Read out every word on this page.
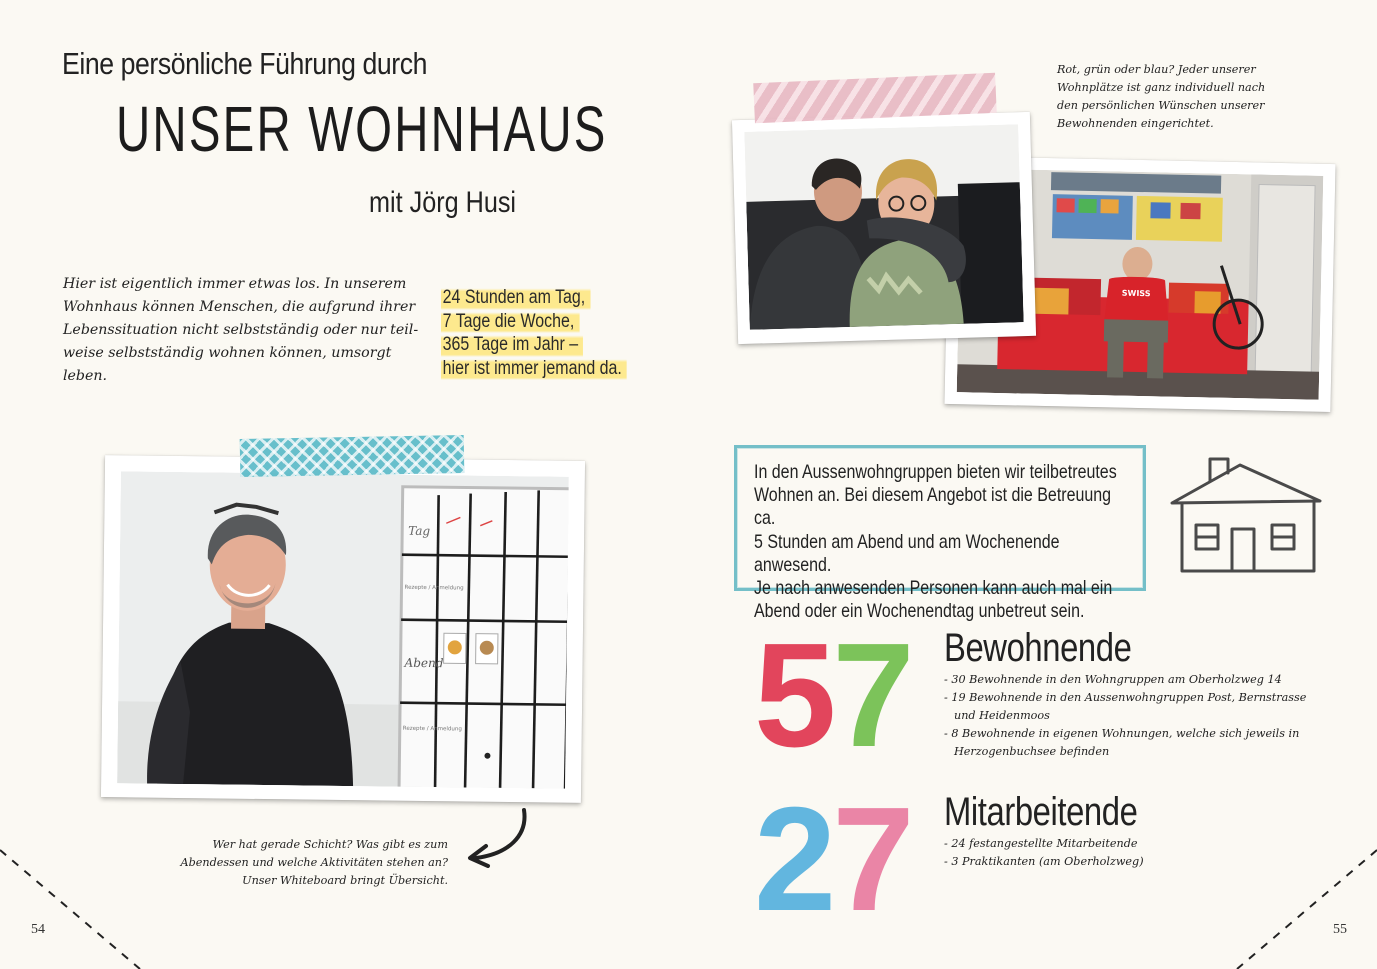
Eine persönliche Führung durch
UNSER WOHNHAUS
mit Jörg Husi
Hier ist eigentlich immer etwas los. In unserem
Wohnhaus können Menschen, die aufgrund ihrer
Lebenssituation nicht selbstständig oder nur teil-
weise selbstständig wohnen können, umsorgt leben.
24 Stunden am Tag,
7 Tage die Woche,
365 Tage im Jahr –
hier ist immer jemand da.
Tag
Rezepte / Anmeldung
Abend
Rezepte / Anmeldung
Wer hat gerade Schicht? Was gibt es zum
Abendessen und welche Aktivitäten stehen an?
Unser Whiteboard bringt Übersicht.
54
Rot, grün oder blau? Jeder unserer
Wohnplätze ist ganz individuell nach
den persönlichen Wünschen unserer
Bewohnenden eingerichtet.
SWISS
In den Aussenwohngruppen bieten wir teilbetreutes
Wohnen an. Bei diesem Angebot ist die Betreuung ca.
5 Stunden am Abend und am Wochenende anwesend.
Je nach anwesenden Personen kann auch mal ein
Abend oder ein Wochenendtag unbetreut sein.
57 Bewohnende
- 30 Bewohnende in den Wohngruppen am Oberholzweg 14
- 19 Bewohnende in den Aussenwohngruppen Post, Bernstrasse und Heidenmoos
- 8 Bewohnende in eigenen Wohnungen, welche sich jeweils in Herzogenbuchsee befinden
27 Mitarbeitende
- 24 festangestellte Mitarbeitende
- 3 Praktikanten (am Oberholzweg)
55
